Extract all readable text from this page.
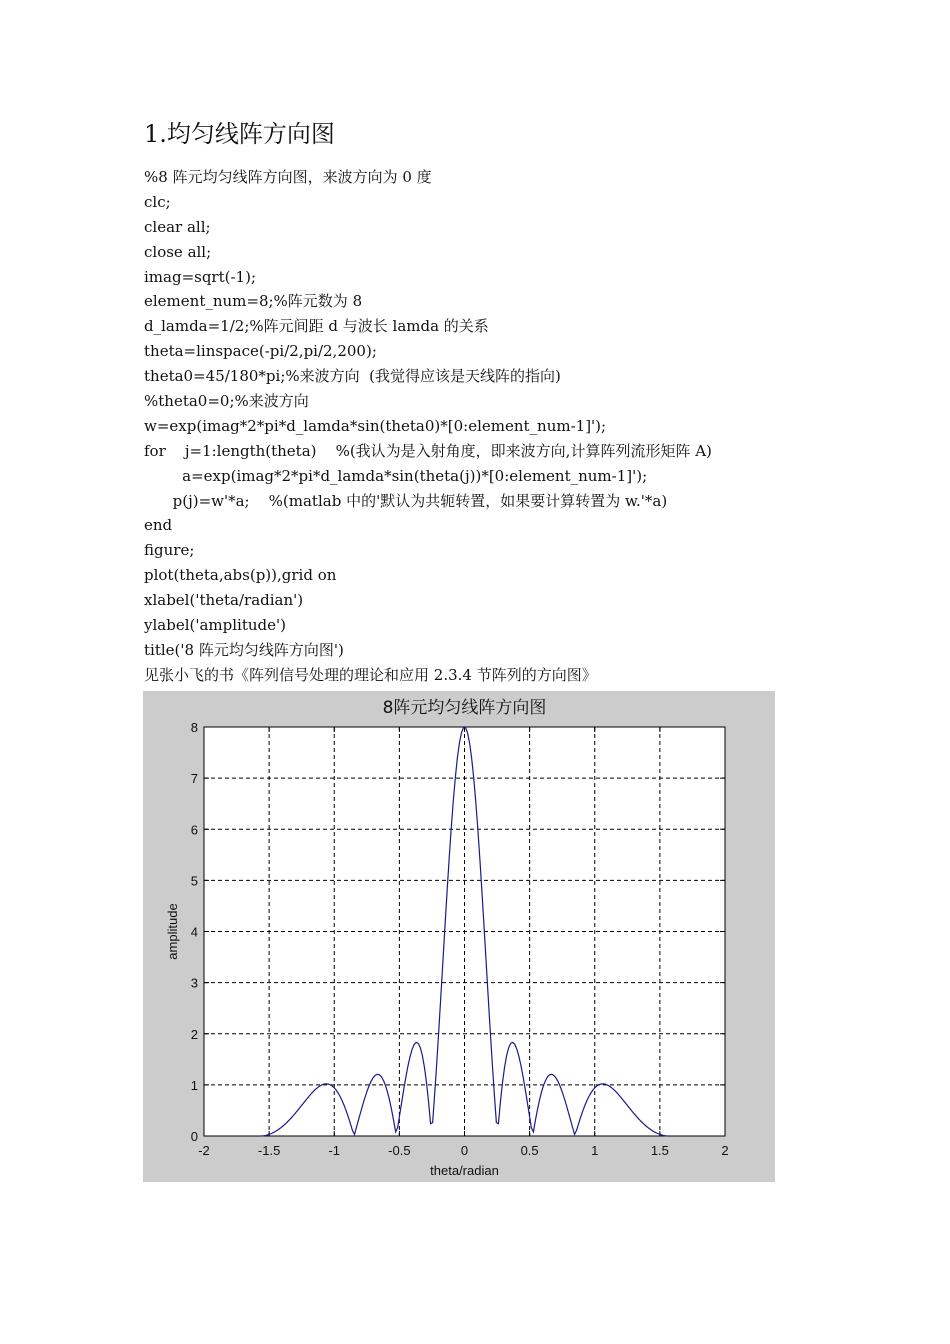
1.均匀线阵方向图
%8 阵元均匀线阵方向图，来波方向为 0 度
clc;
clear all;
close all;
imag=sqrt(-1);
element_num=8;%阵元数为 8
d_lamda=1/2;%阵元间距 d 与波长 lamda 的关系
theta=linspace(-pi/2,pi/2,200);
theta0=45/180*pi;%来波方向  (我觉得应该是天线阵的指向)
%theta0=0;%来波方向
w=exp(imag*2*pi*d_lamda*sin(theta0)*[0:element_num-1]');
for    j=1:length(theta)    %(我认为是入射角度，即来波方向,计算阵列流形矩阵 A)
a=exp(imag*2*pi*d_lamda*sin(theta(j))*[0:element_num-1]');
p(j)=w'*a;    %(matlab 中的'默认为共轭转置，如果要计算转置为 w.'*a)
end
figure;
plot(theta,abs(p)),grid on
xlabel('theta/radian')
ylabel('amplitude')
title('8 阵元均匀线阵方向图')
见张小飞的书《阵列信号处理的理论和应用 2.3.4 节阵列的方向图》
-2	-1.5	-1	-0.5	0	0.5	1	1.5	2
0
1
2
3
4
5
6
7
8
8阵元均匀线阵方向图
theta/radian
amplitude
